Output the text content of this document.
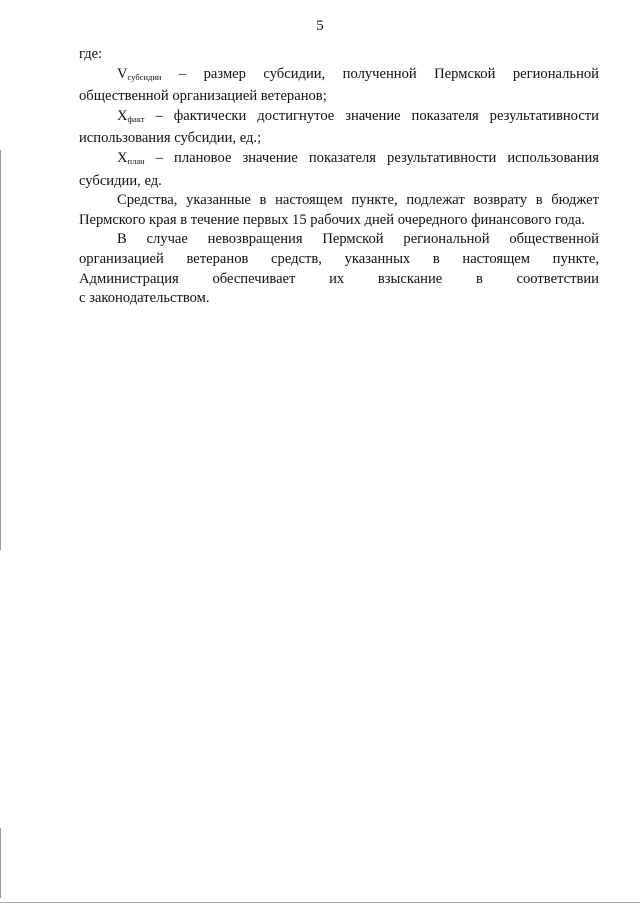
5

где:

$V_{субсидии}$ – размер субсидии, полученной Пермской региональной общественной организацией ветеранов;

$X_{факт}$ – фактически достигнутое значение показателя результативности использования субсидии, ед.;

$X_{план}$ – плановое значение показателя результативности использования субсидии, ед.

Средства, указанные в настоящем пункте, подлежат возврату в бюджет Пермского края в течение первых 15 рабочих дней очередного финансового года.

В случае невозвращения Пермской региональной общественной
организацией ветеранов средств, указанных в настоящем пункте,
Администрация обеспечивает их взыскание в соответствии
с законодательством.
